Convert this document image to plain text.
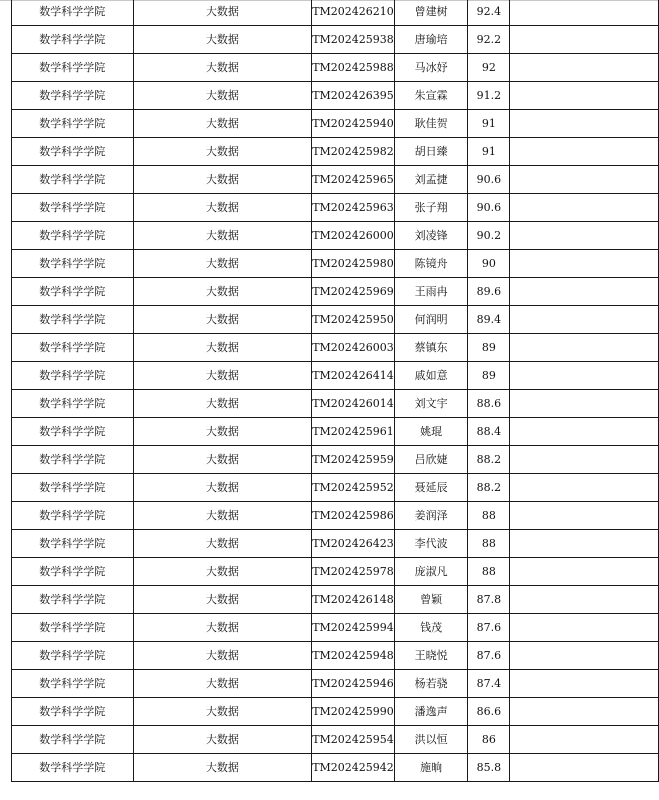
数学科学学院	大数据	TM202426210	曾建树	92.4	
数学科学学院	大数据	TM202425938	唐瑜培	92.2	
数学科学学院	大数据	TM202425988	马冰妤	92	
数学科学学院	大数据	TM202426395	朱宣霖	91.2	
数学科学学院	大数据	TM202425940	耿佳贺	91	
数学科学学院	大数据	TM202425982	胡日臻	91	
数学科学学院	大数据	TM202425965	刘孟捷	90.6	
数学科学学院	大数据	TM202425963	张子翔	90.6	
数学科学学院	大数据	TM202426000	刘凌锋	90.2	
数学科学学院	大数据	TM202425980	陈镜舟	90	
数学科学学院	大数据	TM202425969	王雨冉	89.6	
数学科学学院	大数据	TM202425950	何润明	89.4	
数学科学学院	大数据	TM202426003	蔡镇东	89	
数学科学学院	大数据	TM202426414	戚如意	89	
数学科学学院	大数据	TM202426014	刘文宇	88.6	
数学科学学院	大数据	TM202425961	姚琨	88.4	
数学科学学院	大数据	TM202425959	吕欣婕	88.2	
数学科学学院	大数据	TM202425952	聂延辰	88.2	
数学科学学院	大数据	TM202425986	姜润泽	88	
数学科学学院	大数据	TM202426423	李代波	88	
数学科学学院	大数据	TM202425978	庞淑凡	88	
数学科学学院	大数据	TM202426148	曾颖	87.8	
数学科学学院	大数据	TM202425994	钱茂	87.6	
数学科学学院	大数据	TM202425948	王晓悦	87.6	
数学科学学院	大数据	TM202425946	杨若骁	87.4	
数学科学学院	大数据	TM202425990	潘逸声	86.6	
数学科学学院	大数据	TM202425954	洪以恒	86	
数学科学学院	大数据	TM202425942	施晌	85.8	
